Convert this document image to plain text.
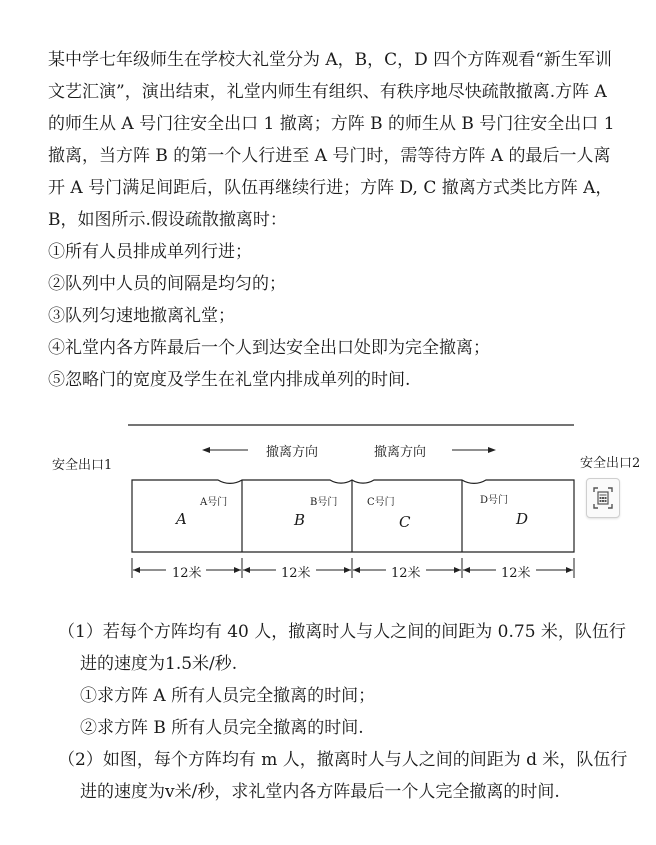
某中学七年级师生在学校大礼堂分为 A，B，C，D 四个方阵观看“新生军训
文艺汇演”，演出结束，礼堂内师生有组织、有秩序地尽快疏散撤离.方阵 A
的师生从 A 号门往安全出口 1 撤离；方阵 B 的师生从 B 号门往安全出口 1
撤离，当方阵 B 的第一个人行进至 A 号门时，需等待方阵 A 的最后一人离
开 A 号门满足间距后，队伍再继续行进；方阵 D, C 撤离方式类比方阵 A，
B，如图所示.假设疏散撤离时：
①所有人员排成单列行进；
②队列中人员的间隔是均匀的；
③队列匀速地撤离礼堂；
④礼堂内各方阵最后一个人到达安全出口处即为完全撤离；
⑤忽略门的宽度及学生在礼堂内排成单列的时间.
安全出口1	安全出口2
撤离方向	撤离方向
A号门	B号门	C号门	D号门
A	B	C	D
12米	12米	12米	12米
（1）若每个方阵均有 40 人，撤离时人与人之间的间距为 0.75 米，队伍行
进的速度为1.5米/秒.
①求方阵 A 所有人员完全撤离的时间；
②求方阵 B 所有人员完全撤离的时间.
（2）如图，每个方阵均有 m 人，撤离时人与人之间的间距为 d 米，队伍行
进的速度为v米/秒，求礼堂内各方阵最后一个人完全撤离的时间.
